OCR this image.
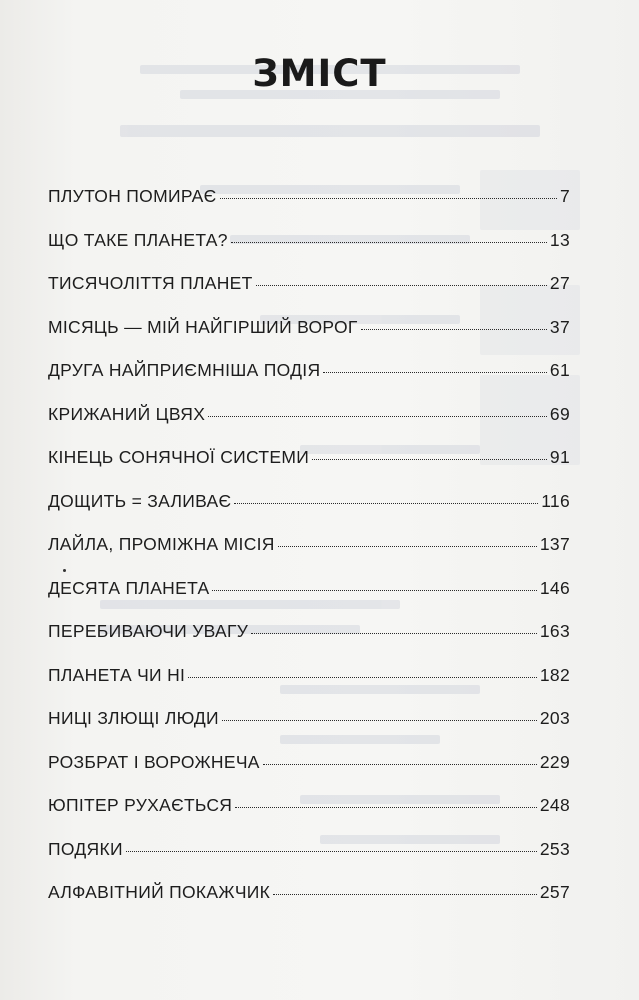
ЗМІСТ
ПЛУТОН ПОМИРАЄ	7
ЩО ТАКЕ ПЛАНЕТА?	13
ТИСЯЧОЛІТТЯ ПЛАНЕТ	27
МІСЯЦЬ — МІЙ НАЙГІРШИЙ ВОРОГ	37
ДРУГА НАЙПРИЄМНІША ПОДІЯ	61
КРИЖАНИЙ ЦВЯХ	69
КІНЕЦЬ СОНЯЧНОЇ СИСТЕМИ	91
ДОЩИТЬ = ЗАЛИВАЄ	116
ЛАЙЛА, ПРОМІЖНА МІСІЯ	137
ДЕСЯТА ПЛАНЕТА	146
ПЕРЕБИВАЮЧИ УВАГУ	163
ПЛАНЕТА ЧИ НІ	182
НИЦІ ЗЛЮЩІ ЛЮДИ	203
РОЗБРАТ І ВОРОЖНЕЧА	229
ЮПІТЕР РУХАЄТЬСЯ	248
ПОДЯКИ	253
АЛФАВІТНИЙ ПОКАЖЧИК	257
